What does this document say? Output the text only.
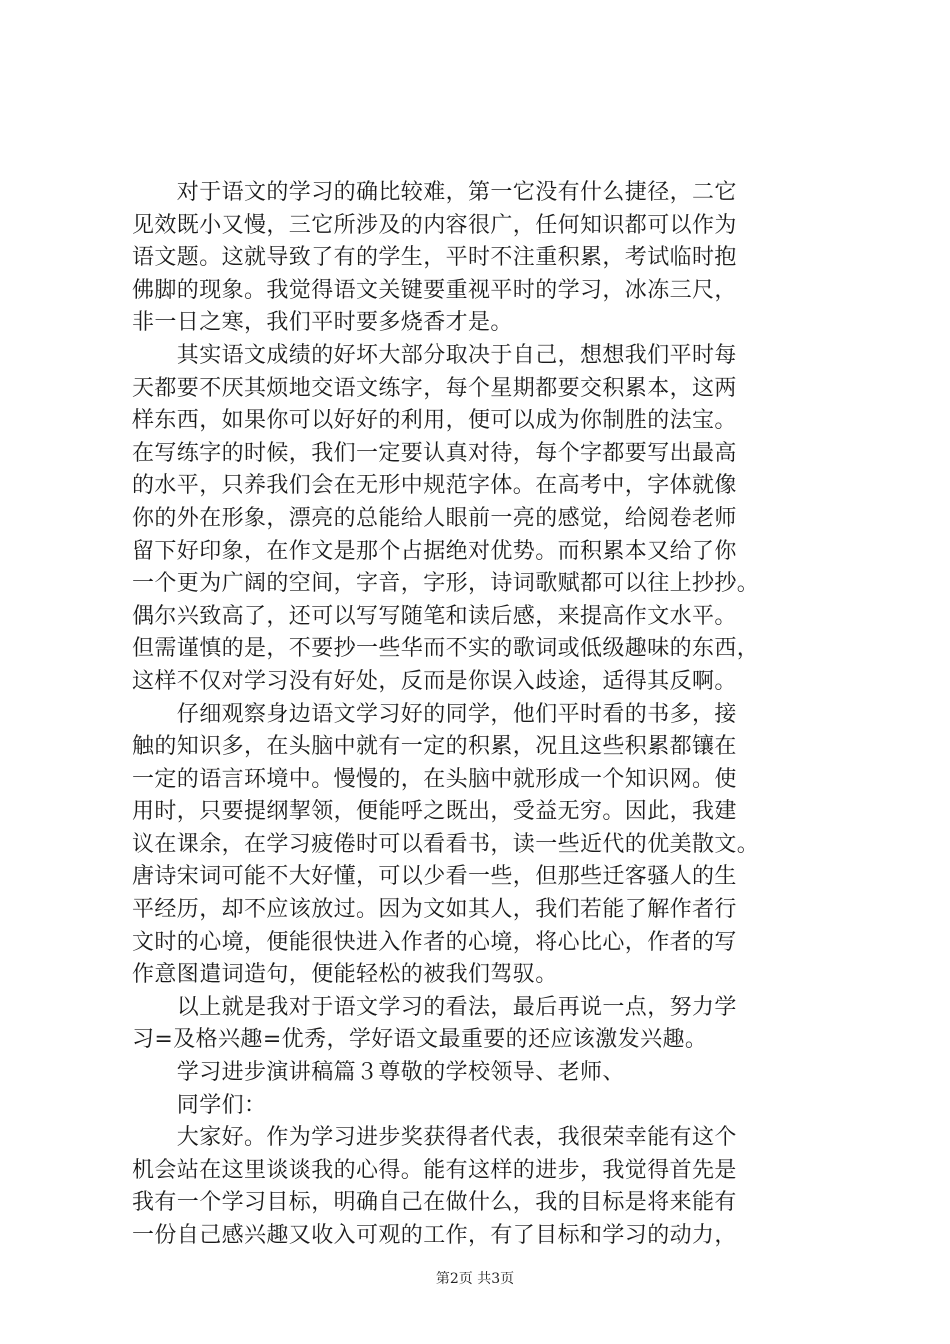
　　对于语文的学习的确比较难，第一它没有什么捷径，二它
见效既小又慢，三它所涉及的内容很广，任何知识都可以作为
语文题。这就导致了有的学生，平时不注重积累，考试临时抱
佛脚的现象。我觉得语文关键要重视平时的学习，冰冻三尺，
非一日之寒，我们平时要多烧香才是。
　　其实语文成绩的好坏大部分取决于自己，想想我们平时每
天都要不厌其烦地交语文练字，每个星期都要交积累本，这两
样东西，如果你可以好好的利用，便可以成为你制胜的法宝。
在写练字的时候，我们一定要认真对待，每个字都要写出最高
的水平，只养我们会在无形中规范字体。在高考中，字体就像
你的外在形象，漂亮的总能给人眼前一亮的感觉，给阅卷老师
留下好印象，在作文是那个占据绝对优势。而积累本又给了你
一个更为广阔的空间，字音，字形，诗词歌赋都可以往上抄抄。
偶尔兴致高了，还可以写写随笔和读后感，来提高作文水平。
但需谨慎的是，不要抄一些华而不实的歌词或低级趣味的东西，
这样不仅对学习没有好处，反而是你误入歧途，适得其反啊。
　　仔细观察身边语文学习好的同学，他们平时看的书多，接
触的知识多，在头脑中就有一定的积累，况且这些积累都镶在
一定的语言环境中。慢慢的，在头脑中就形成一个知识网。使
用时，只要提纲挈领，便能呼之既出，受益无穷。因此，我建
议在课余，在学习疲倦时可以看看书，读一些近代的优美散文。
唐诗宋词可能不大好懂，可以少看一些，但那些迁客骚人的生
平经历，却不应该放过。因为文如其人，我们若能了解作者行
文时的心境，便能很快进入作者的心境，将心比心，作者的写
作意图遣词造句，便能轻松的被我们驾驭。
　　以上就是我对于语文学习的看法，最后再说一点，努力学
习=及格兴趣=优秀，学好语文最重要的还应该激发兴趣。
　　学习进步演讲稿篇３尊敬的学校领导、老师、
　　同学们：
　　大家好。作为学习进步奖获得者代表，我很荣幸能有这个
机会站在这里谈谈我的心得。能有这样的进步，我觉得首先是
我有一个学习目标，明确自己在做什么，我的目标是将来能有
一份自己感兴趣又收入可观的工作，有了目标和学习的动力，
第2页 共3页
